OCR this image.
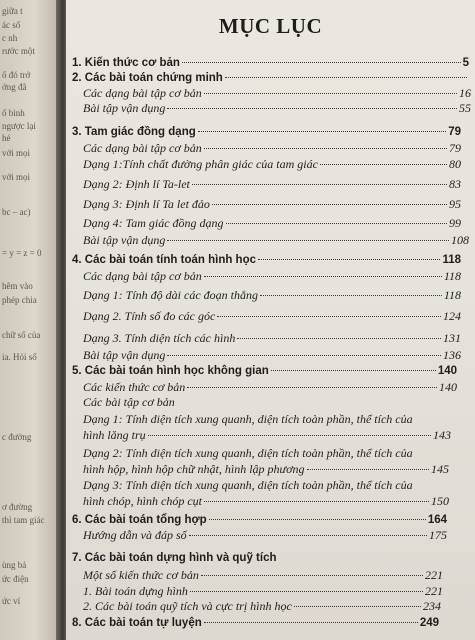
giữa t
ác số
c nh
rước một
ố đó trở
ớng đã
ố bình
ngược lại
hé
với mọi
với mọi
bc – ac)
= y = z = 0
hêm vào
phép chia
chữ số của
ia. Hỏi số
c đường
ơ đường
thì tam giác
ùng bả
ức điện
ức ví
MỤC LỤC
1. Kiến thức cơ bản	5
2. Các bài toán chứng minh
Các dạng bài tập cơ bản	16
Bài tập vận dụng	55
3. Tam giác đồng dạng	79
Các dạng bài tập cơ bản	79
Dạng 1:Tính chất đường phân giác của tam giác	80
Dạng 2: Định lí Ta-let	83
Dạng 3: Định lí Ta let đảo	95
Dạng 4: Tam giác đồng dạng	99
Bài tập vận dụng	108
4. Các bài toán tính toán hình học	118
Các dạng bài tập cơ bản	118
Dạng 1: Tính độ dài các đoạn thẳng	118
Dạng 2. Tính số đo các góc	124
Dạng 3. Tính diện tích các hình	131
Bài tập vận dụng	136
5. Các bài toán hình học không gian	140
Các kiến thức cơ bản	140
Các bài tập cơ bản
Dạng 1: Tính diện tích xung quanh, diện tích toàn phần, thể tích của
hình lăng trụ	143
Dạng 2: Tính diện tích xung quanh, diện tích toàn phần, thể tích của
hình hộp, hình hộp chữ nhật, hình lập phương	145
Dạng 3: Tính diện tích xung quanh, diện tích toàn phần, thể tích của
hình chóp, hình chóp cụt	150
6. Các bài toán tổng hợp	164
Hướng dẫn và đáp số	175
7. Các bài toán dựng hình và quỹ tích
Một số kiến thức cơ bản	221
1. Bài toán dựng hình	221
2. Các bài toán quỹ tích và cực trị hình học	234
8. Các bài toán tự luyện	249
